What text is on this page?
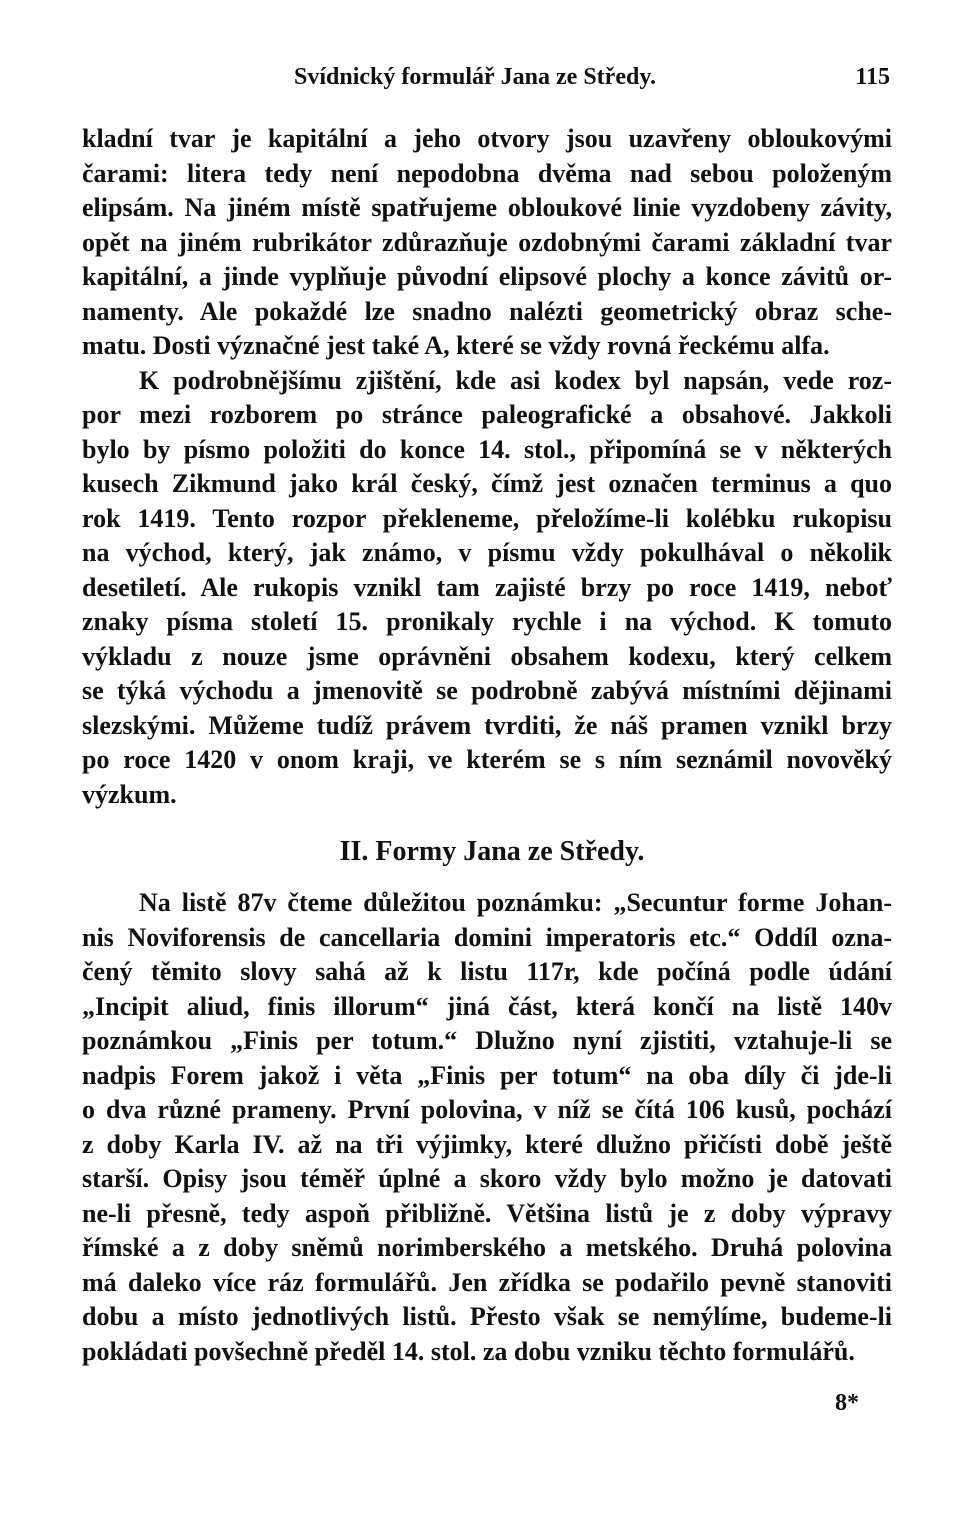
Svídnický formulář Jana ze Středy.	115
kladní tvar je kapitální a jeho otvory jsou uzavřeny obloukovými
čarami: litera tedy není nepodobna dvěma nad sebou položeným
elipsám. Na jiném místě spatřujeme obloukové linie vyzdobeny závity,
opět na jiném rubrikátor zdůrazňuje ozdobnými čarami základní tvar
kapitální, a jinde vyplňuje původní elipsové plochy a konce závitů or-
namenty. Ale pokaždé lze snadno nalézti geometrický obraz sche-
matu. Dosti význačné jest také A, které se vždy rovná řeckému alfa.
K podrobnějšímu zjištění, kde asi kodex byl napsán, vede roz-
por mezi rozborem po stránce paleografické a obsahové. Jakkoli
bylo by písmo položiti do konce 14. stol., připomíná se v některých
kusech Zikmund jako král český, čímž jest označen terminus a quo
rok 1419. Tento rozpor překleneme, přeložíme-li kolébku rukopisu
na východ, který, jak známo, v písmu vždy pokulhával o několik
desetiletí. Ale rukopis vznikl tam zajisté brzy po roce 1419, neboť
znaky písma století 15. pronikaly rychle i na východ. K tomuto
výkladu z nouze jsme oprávněni obsahem kodexu, který celkem
se týká východu a jmenovitě se podrobně zabývá místními dějinami
slezskými. Můžeme tudíž právem tvrditi, že náš pramen vznikl brzy
po roce 1420 v onom kraji, ve kterém se s ním seznámil novověký
výzkum.
II. Formy Jana ze Středy.
Na listě 87v čteme důležitou poznámku: „Secuntur forme Johan-
nis Noviforensis de cancellaria domini imperatoris etc.“ Oddíl ozna-
čený těmito slovy sahá až k listu 117r, kde počíná podle údání
„Incipit aliud, finis illorum“ jiná část, která končí na listě 140v
poznámkou „Finis per totum.“ Dlužno nyní zjistiti, vztahuje-li se
nadpis Forem jakož i věta „Finis per totum“ na oba díly či jde-li
o dva různé prameny. První polovina, v níž se čítá 106 kusů, pochází
z doby Karla IV. až na tři výjimky, které dlužno přičísti době ještě
starší. Opisy jsou téměř úplné a skoro vždy bylo možno je datovati
ne-li přesně, tedy aspoň přibližně. Většina listů je z doby výpravy
římské a z doby sněmů norimberského a metského. Druhá polovina
má daleko více ráz formulářů. Jen zřídka se podařilo pevně stanoviti
dobu a místo jednotlivých listů. Přesto však se nemýlíme, budeme-li
pokládati povšechně předěl 14. stol. za dobu vzniku těchto formulářů.
8*
